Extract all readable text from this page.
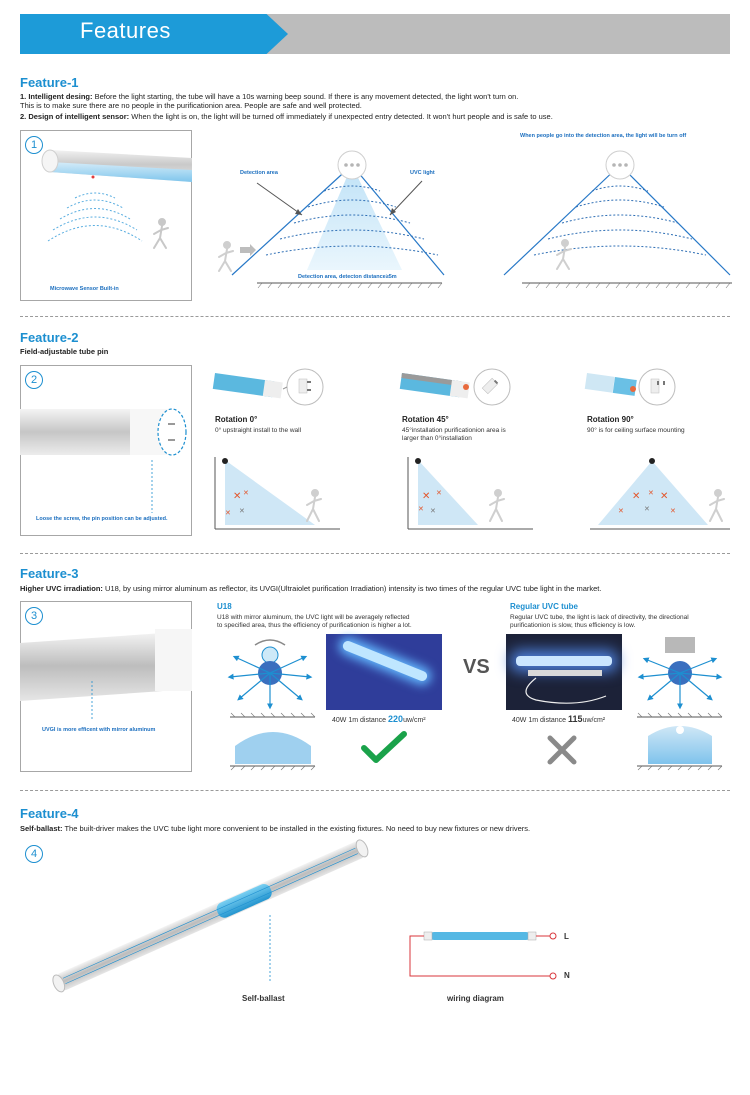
Features
Feature-1
1. Intelligent desing: Before the light starting, the tube will have a 10s warning beep sound. If there is any movement detected, the light won't turn on.
This is to make sure there are no people in the purificationion area. People are safe and well protected.
2. Design of intelligent sensor: When the light is on, the light will be turned off immediately if unexpected entry detected. It won't hurt people and is safe to use.
1
Microwave Sensor Built-in
Detection area	UVC light
Detection area, detecton distance≥5m
When people go into the detection area, the light will be turn off
Feature-2
Field-adjustable tube pin
2
Loose the screw, the pin position can be adjusted.
Rotation 0°
0° upstraight install to the wall
Rotation 45°
45°installation purificationion area is
larger than 0°installation
Rotation 90°
90° is for ceiling surface mounting
✕ ✕
✕
✕
✕ ✕
✕
✕
✕ ✕ ✕
✕	✕	✕
Feature-3
Higher UVC irradiation: U18, by using mirror aluminum as reflector, its UVGI(Ultraiolet purification Irradiation) intensity is two times of the regular UVC tube light in the market.
3
UVGI is more efficent with mirror aluminum
U18
U18 with mirror aluminum, the UVC light will be averagely reflected
to specified area, thus the efficiency of purificationion is higher a lot.
40W 1m distance 220uw/cm²
VS
Regular UVC tube
Regular UVC tube, the light is lack of directivity, the directional
purificationion is slow, thus efficiency is low.
40W 1m distance 115uw/cm²
Feature-4
Self-ballast: The built-driver makes the UVC tube light more convenient to be installed in the existing fixtures. No need to buy new fixtures or new drivers.
4
Self-ballast
L
N
wiring diagram
